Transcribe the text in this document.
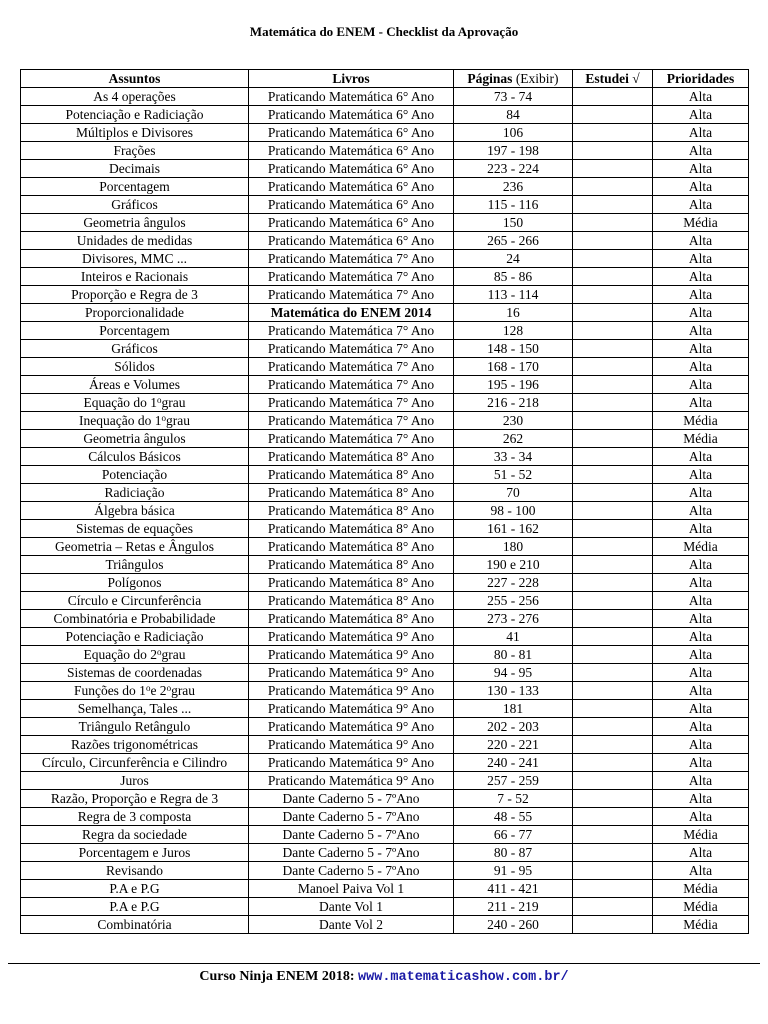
Matemática do ENEM - Checklist da Aprovação
Assuntos	Livros	Páginas (Exibir)	Estudei √	Prioridades
As 4 operações	Praticando Matemática 6° Ano	73 - 74		Alta
Potenciação e Radiciação	Praticando Matemática 6° Ano	84		Alta
Múltiplos e Divisores	Praticando Matemática 6° Ano	106		Alta
Frações	Praticando Matemática 6° Ano	197 - 198		Alta
Decimais	Praticando Matemática 6° Ano	223 - 224		Alta
Porcentagem	Praticando Matemática 6° Ano	236		Alta
Gráficos	Praticando Matemática 6° Ano	115 - 116		Alta
Geometria ângulos	Praticando Matemática 6° Ano	150		Média
Unidades de medidas	Praticando Matemática 6° Ano	265 - 266		Alta
Divisores, MMC ...	Praticando Matemática 7° Ano	24		Alta
Inteiros e Racionais	Praticando Matemática 7° Ano	85 - 86		Alta
Proporção e Regra de 3	Praticando Matemática 7° Ano	113 - 114		Alta
Proporcionalidade	Matemática do ENEM 2014	16		Alta
Porcentagem	Praticando Matemática 7° Ano	128		Alta
Gráficos	Praticando Matemática 7° Ano	148 - 150		Alta
Sólidos	Praticando Matemática 7° Ano	168 - 170		Alta
Áreas e Volumes	Praticando Matemática 7° Ano	195 - 196		Alta
Equação do 1$^o$grau	Praticando Matemática 7° Ano	216 - 218		Alta
Inequação do 1$^o$grau	Praticando Matemática 7° Ano	230		Média
Geometria ângulos	Praticando Matemática 7° Ano	262		Média
Cálculos Básicos	Praticando Matemática 8° Ano	33 - 34		Alta
Potenciação	Praticando Matemática 8° Ano	51 - 52		Alta
Radiciação	Praticando Matemática 8° Ano	70		Alta
Álgebra básica	Praticando Matemática 8° Ano	98 - 100		Alta
Sistemas de equações	Praticando Matemática 8° Ano	161 - 162		Alta
Geometria – Retas e Ângulos	Praticando Matemática 8° Ano	180		Média
Triângulos	Praticando Matemática 8° Ano	190 e 210		Alta
Polígonos	Praticando Matemática 8° Ano	227 - 228		Alta
Círculo e Circunferência	Praticando Matemática 8° Ano	255 - 256		Alta
Combinatória e Probabilidade	Praticando Matemática 8° Ano	273 - 276		Alta
Potenciação e Radiciação	Praticando Matemática 9° Ano	41		Alta
Equação do 2$^o$grau	Praticando Matemática 9° Ano	80 - 81		Alta
Sistemas de coordenadas	Praticando Matemática 9° Ano	94 - 95		Alta
Funções do 1$^o$e 2$^o$grau	Praticando Matemática 9° Ano	130 - 133		Alta
Semelhança, Tales ...	Praticando Matemática 9° Ano	181		Alta
Triângulo Retângulo	Praticando Matemática 9° Ano	202 - 203		Alta
Razões trigonométricas	Praticando Matemática 9° Ano	220 - 221		Alta
Círculo, Circunferência e Cilindro	Praticando Matemática 9° Ano	240 - 241		Alta
Juros	Praticando Matemática 9° Ano	257 - 259		Alta
Razão, Proporção e Regra de 3	Dante Caderno 5 - 7ºAno	7 - 52		Alta
Regra de 3 composta	Dante Caderno 5 - 7ºAno	48 - 55		Alta
Regra da sociedade	Dante Caderno 5 - 7ºAno	66 - 77		Média
Porcentagem e Juros	Dante Caderno 5 - 7ºAno	80 - 87		Alta
Revisando	Dante Caderno 5 - 7ºAno	91 - 95		Alta
P.A e P.G	Manoel Paiva Vol 1	411 - 421		Média
P.A e P.G	Dante Vol 1	211 - 219		Média
Combinatória	Dante Vol 2	240 - 260		Média
Curso Ninja ENEM 2018: www.matematicashow.com.br/
